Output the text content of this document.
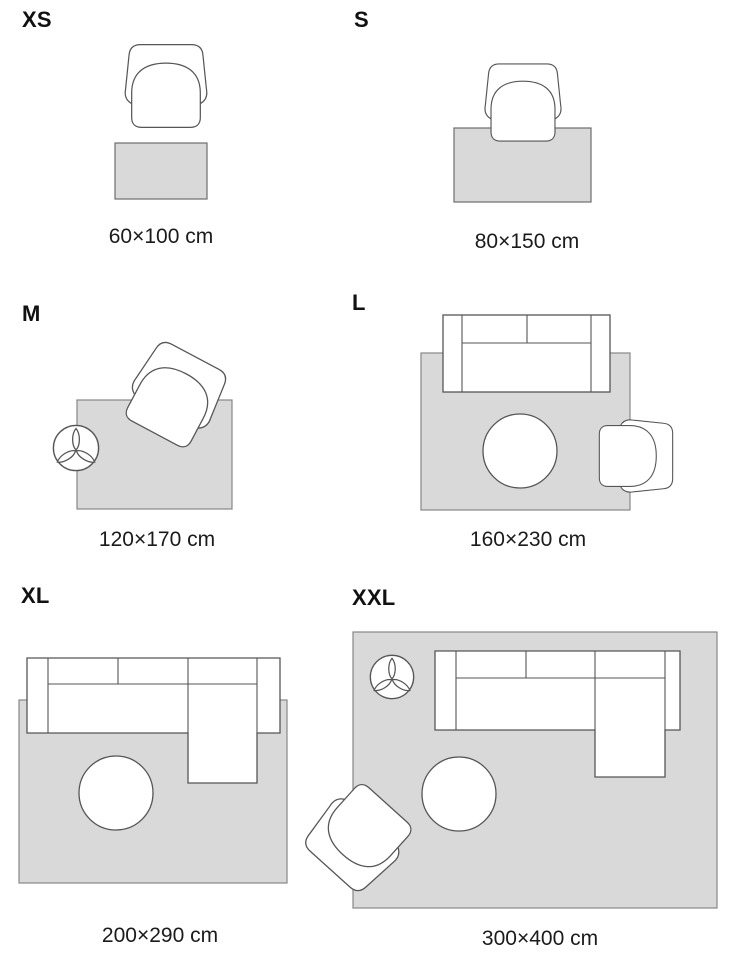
XS	S
M	L
XL	XXL
60×100 cm	80×150 cm
120×170 cm	160×230 cm
200×290 cm	300×400 cm
